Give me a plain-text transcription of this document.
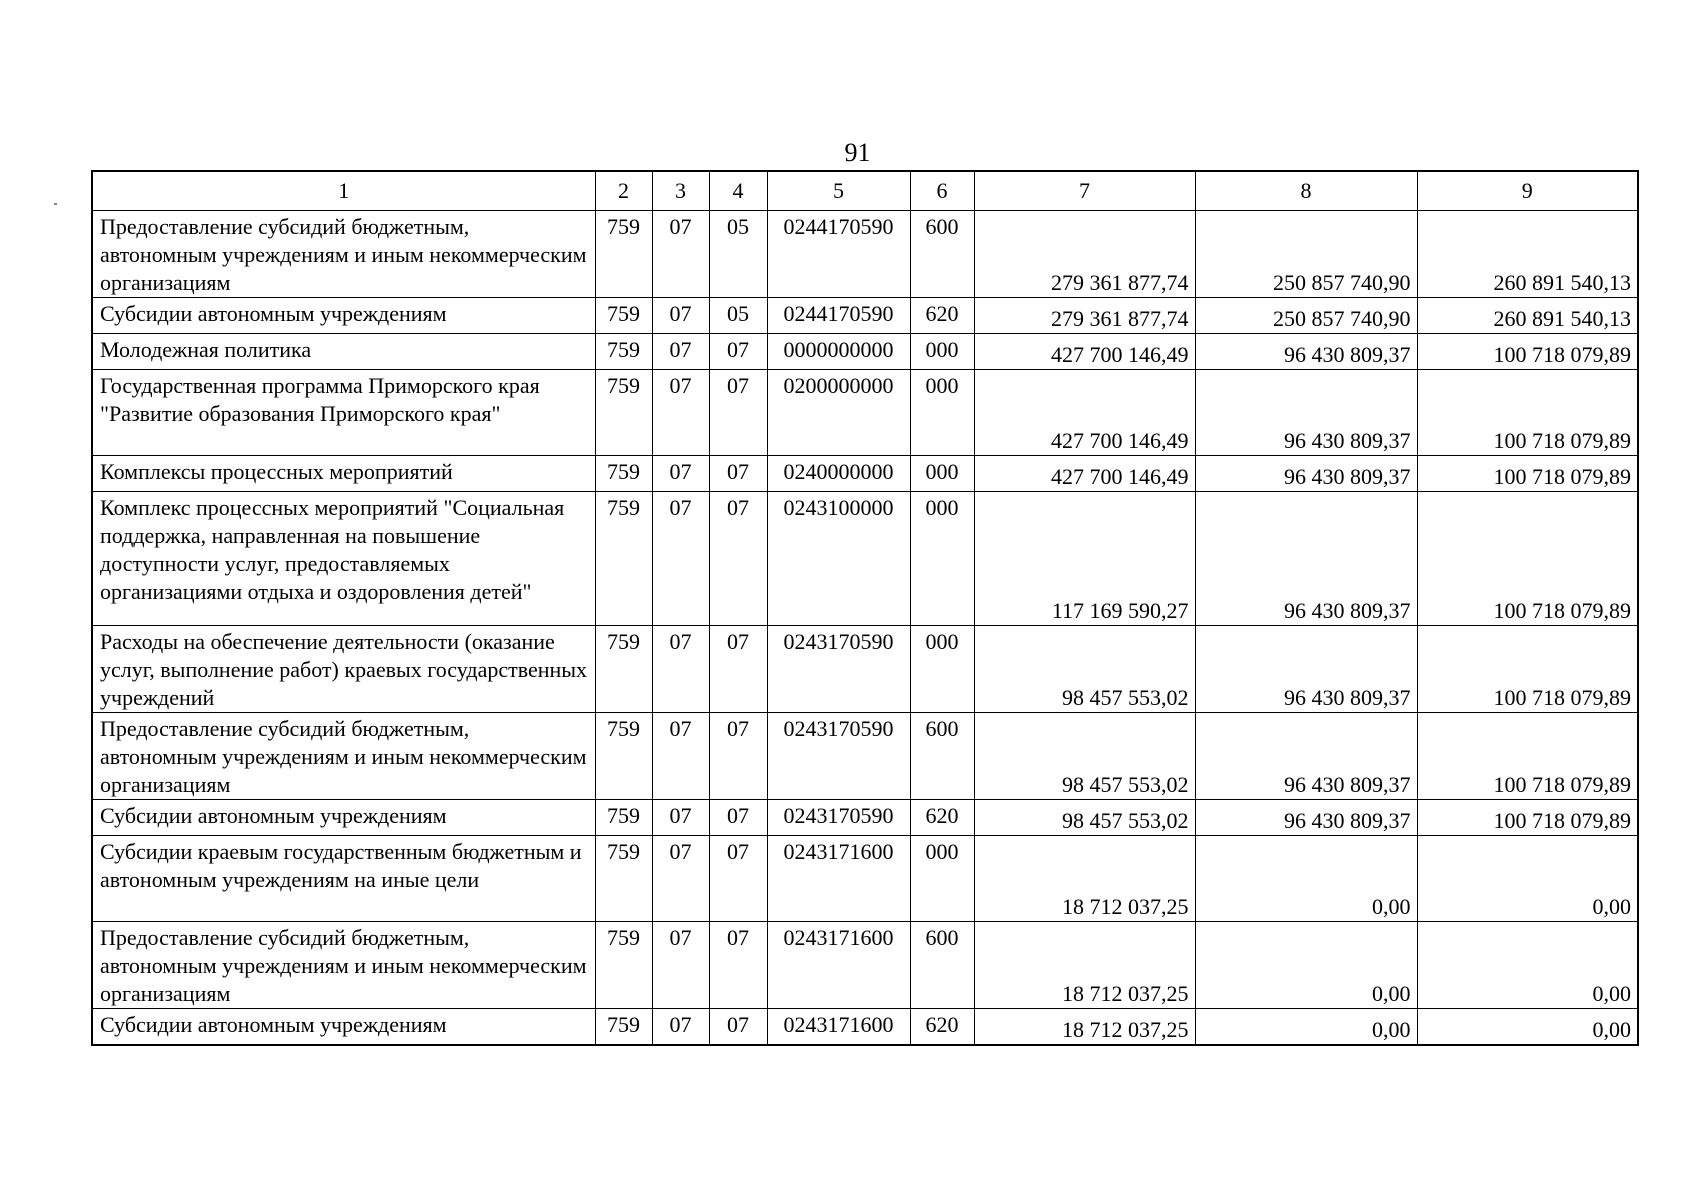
91
1	2	3	4	5	6	7	8	9
Предоставление субсидий бюджетным, автономным учреждениям и иным некоммерческим организациям	759	07	05	0244170590	600	279 361 877,74	250 857 740,90	260 891 540,13
Субсидии автономным учреждениям	759	07	05	0244170590	620	279 361 877,74	250 857 740,90	260 891 540,13
Молодежная политика	759	07	07	0000000000	000	427 700 146,49	96 430 809,37	100 718 079,89
Государственная программа Приморского края "Развитие образования Приморского края"	759	07	07	0200000000	000	427 700 146,49	96 430 809,37	100 718 079,89
Комплексы процессных мероприятий	759	07	07	0240000000	000	427 700 146,49	96 430 809,37	100 718 079,89
Комплекс процессных мероприятий "Социальная поддержка, направленная на повышение доступности услуг, предоставляемых организациями отдыха и оздоровления детей"	759	07	07	0243100000	000	117 169 590,27	96 430 809,37	100 718 079,89
Расходы на обеспечение деятельности (оказание услуг, выполнение работ) краевых государственных учреждений	759	07	07	0243170590	000	98 457 553,02	96 430 809,37	100 718 079,89
Предоставление субсидий бюджетным, автономным учреждениям и иным некоммерческим организациям	759	07	07	0243170590	600	98 457 553,02	96 430 809,37	100 718 079,89
Субсидии автономным учреждениям	759	07	07	0243170590	620	98 457 553,02	96 430 809,37	100 718 079,89
Субсидии краевым государственным бюджетным и автономным учреждениям на иные цели	759	07	07	0243171600	000	18 712 037,25	0,00	0,00
Предоставление субсидий бюджетным, автономным учреждениям и иным некоммерческим организациям	759	07	07	0243171600	600	18 712 037,25	0,00	0,00
Субсидии автономным учреждениям	759	07	07	0243171600	620	18 712 037,25	0,00	0,00
